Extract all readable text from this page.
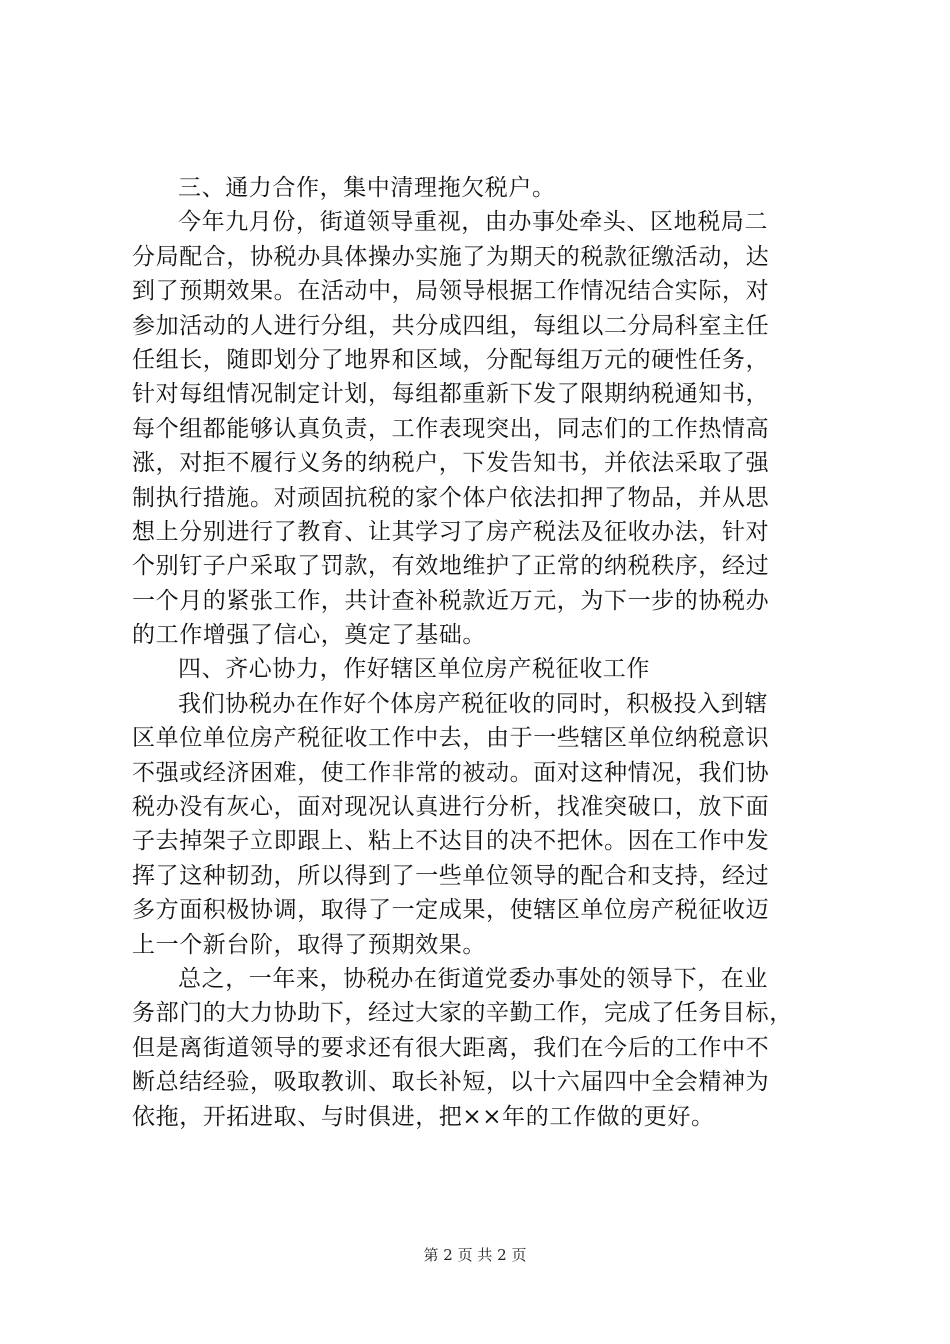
三、通力合作，集中清理拖欠税户。
今年九月份，街道领导重视，由办事处牵头、区地税局二
分局配合，协税办具体操办实施了为期天的税款征缴活动，达
到了预期效果。在活动中，局领导根据工作情况结合实际，对
参加活动的人进行分组，共分成四组，每组以二分局科室主任
任组长，随即划分了地界和区域，分配每组万元的硬性任务，
针对每组情况制定计划，每组都重新下发了限期纳税通知书，
每个组都能够认真负责，工作表现突出，同志们的工作热情高
涨，对拒不履行义务的纳税户，下发告知书，并依法采取了强
制执行措施。对顽固抗税的家个体户依法扣押了物品，并从思
想上分别进行了教育、让其学习了房产税法及征收办法，针对
个别钉子户采取了罚款，有效地维护了正常的纳税秩序，经过
一个月的紧张工作，共计查补税款近万元，为下一步的协税办
的工作增强了信心，奠定了基础。
四、齐心协力，作好辖区单位房产税征收工作
我们协税办在作好个体房产税征收的同时，积极投入到辖
区单位单位房产税征收工作中去，由于一些辖区单位纳税意识
不强或经济困难，使工作非常的被动。面对这种情况，我们协
税办没有灰心，面对现况认真进行分析，找准突破口，放下面
子去掉架子立即跟上、粘上不达目的决不把休。因在工作中发
挥了这种韧劲，所以得到了一些单位领导的配合和支持，经过
多方面积极协调，取得了一定成果，使辖区单位房产税征收迈
上一个新台阶，取得了预期效果。
总之，一年来，协税办在街道党委办事处的领导下，在业
务部门的大力协助下，经过大家的辛勤工作，完成了任务目标，
但是离街道领导的要求还有很大距离，我们在今后的工作中不
断总结经验，吸取教训、取长补短，以十六届四中全会精神为
依拖，开拓进取、与时俱进，把××年的工作做的更好。
第 2 页 共 2 页
